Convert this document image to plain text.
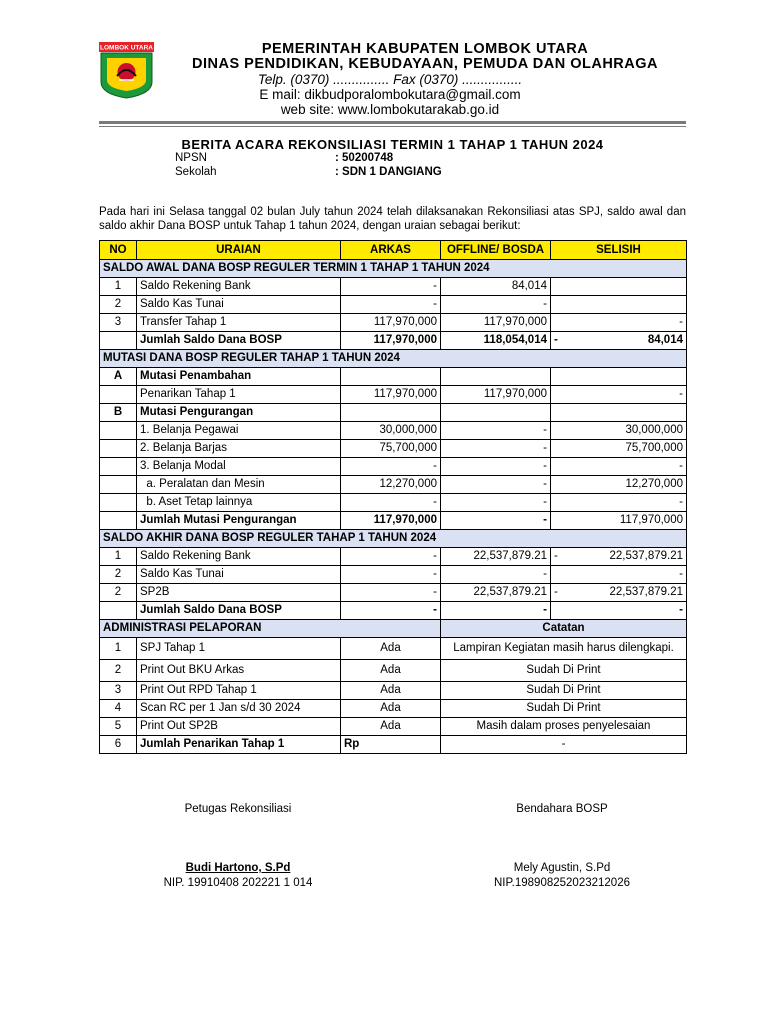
LOMBOK UTARA	PEMERINTAH KABUPATEN LOMBOK UTARA
DINAS PENDIDIKAN, KEBUDAYAAN, PEMUDA DAN OLAHRAGA
Telp. (0370) ............... Fax (0370) ................
E mail: dikbudporalombokutara@gmail.com
web site: www.lombokutarakab.go.id
BERITA ACARA REKONSILIASI TERMIN 1 TAHAP 1 TAHUN 2024
NPSN	: 50200748
Sekolah	: SDN 1 DANGIANG
Pada hari ini Selasa tanggal 02 bulan July tahun 2024 telah dilaksanakan Rekonsiliasi atas SPJ, saldo awal dan saldo akhir Dana BOSP untuk Tahap 1 tahun 2024, dengan uraian sebagai berikut:
NO	URAIAN	ARKAS	OFFLINE/ BOSDA	SELISIH
SALDO AWAL DANA BOSP REGULER TERMIN 1 TAHAP 1 TAHUN 2024				
1	Saldo Rekening Bank	-	84,014	
2	Saldo Kas Tunai	-	-	
3	Transfer Tahap 1	117,970,000	117,970,000	-
	Jumlah Saldo Dana BOSP	117,970,000	118,054,014	- 84,014

MUTASI DANA BOSP REGULER TAHAP 1 TAHUN 2024				
A	Mutasi Penambahan			
	Penarikan Tahap 1	117,970,000	117,970,000	-
B	Mutasi Pengurangan			
	1. Belanja Pegawai	30,000,000	-	30,000,000
	2. Belanja Barjas	75,700,000	-	75,700,000
	3. Belanja Modal	-	-	-
	a. Peralatan dan Mesin	12,270,000	-	12,270,000
	b. Aset Tetap lainnya	-	-	-
	Jumlah Mutasi Pengurangan	117,970,000	-	117,970,000
SALDO AKHIR DANA BOSP REGULER TAHAP 1 TAHUN 2024				
1	Saldo Rekening Bank	-	22,537,879.21	- 22,537,879.21

2	Saldo Kas Tunai	-	-	-

2	SP2B	-	22,537,879.21	- 22,537,879.21

	Jumlah Saldo Dana BOSP	-	-	-
ADMINISTRASI PELAPORAN			Catatan	
1	SPJ Tahap 1	Ada	Lampiran Kegiatan masih harus dilengkapi.	
2	Print Out BKU Arkas	Ada	Sudah Di Print	
3	Print Out RPD Tahap 1	Ada	Sudah Di Print	
4	Scan RC per 1 Jan s/d 30 2024	Ada	Sudah Di Print	
5	Print Out SP2B	Ada	Masih dalam proses penyelesaian	
6	Jumlah Penarikan Tahap 1	Rp	-	
Petugas Rekonsiliasi
Budi Hartono, S.Pd
NIP. 19910408 202221 1 014
Bendahara BOSP
Mely Agustin, S.Pd
NIP.198908252023212026
